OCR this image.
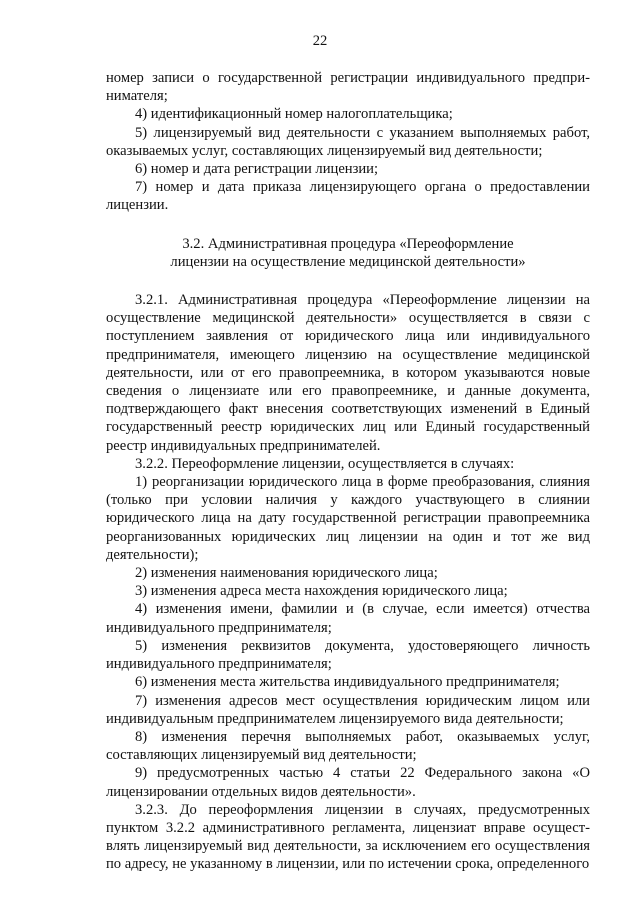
22

номер записи о государственной регистрации индивидуального предпринимателя;

4) идентификационный номер налогоплательщика;

5) лицензируемый вид деятельности с указанием выполняемых работ, оказываемых услуг, составляющих лицензируемый вид деятельности;

6) номер и дата регистрации лицензии;

7) номер и дата приказа лицензирующего органа о предоставлении лицензии.

3.2. Административная процедура «Переоформление
лицензии на осуществление медицинской деятельности»

3.2.1. Административная процедура «Переоформление лицензии на осуществление медицинской деятельности» осуществляется в связи с поступлением заявления от юридического лица или индивидуального предпринимателя, имеющего лицензию на осуществление медицинской деятельности, или от его правопреемника, в котором указываются новые сведения о лицензиате или его правопреемнике, и данные документа, подтверждающего факт внесения соответствующих изменений в Единый государственный реестр юридических лиц или Единый государственный реестр индивидуальных предпринимателей.

3.2.2. Переоформление лицензии, осуществляется в случаях:

1) реорганизации юридического лица в форме преобразования, слияния (только при условии наличия у каждого участвующего в слиянии юридического лица на дату государственной регистрации правопреемника реорганизованных юридических лиц лицензии на один и тот же вид деятельности);

2) изменения наименования юридического лица;

3) изменения адреса места нахождения юридического лица;

4) изменения имени, фамилии и (в случае, если имеется) отчества индивидуального предпринимателя;

5) изменения реквизитов документа, удостоверяющего личность индивидуального предпринимателя;

6) изменения места жительства индивидуального предпринимателя;

7) изменения адресов мест осуществления юридическим лицом или индивидуальным предпринимателем лицензируемого вида деятельности;

8) изменения перечня выполняемых работ, оказываемых услуг, составляющих лицензируемый вид деятельности;

9) предусмотренных частью 4 статьи 22 Федерального закона «О лицензировании отдельных видов деятельности».

3.2.3. До переоформления лицензии в случаях, предусмотренных пунктом 3.2.2 административного регламента, лицензиат вправе осуществлять лицензируемый вид деятельности, за исключением его осуществления по адресу, не указанному в лицензии, или по истечении срока, определенного
